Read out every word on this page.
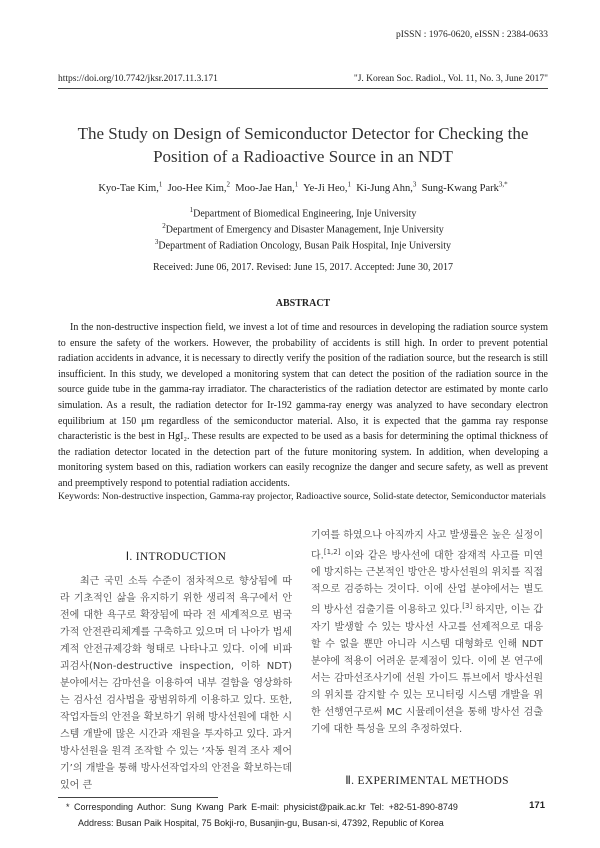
pISSN : 1976-0620, eISSN : 2384-0633
https://doi.org/10.7742/jksr.2017.11.3.171	"J. Korean Soc. Radiol., Vol. 11, No. 3, June 2017"
The Study on Design of Semiconductor Detector for Checking the
Position of a Radioactive Source in an NDT
Kyo-Tae Kim,$^1$ Joo-Hee Kim,$^2$ Moo-Jae Han,$^1$ Ye-Ji Heo,$^1$ Ki-Jung Ahn,$^3$ Sung-Kwang Park$^{3,*}$
$^1$Department of Biomedical Engineering, Inje University
$^2$Department of Emergency and Disaster Management, Inje University
$^3$Department of Radiation Oncology, Busan Paik Hospital, Inje University
Received: June 06, 2017. Revised: June 15, 2017. Accepted: June 30, 2017
ABSTRACT
In the non-destructive inspection field, we invest a lot of time and resources in developing the radiation source system to ensure the safety of the workers. However, the probability of accidents is still high. In order to prevent potential radiation accidents in advance, it is necessary to directly verify the position of the radiation source, but the research is still insufficient. In this study, we developed a monitoring system that can detect the position of the radiation source in the source guide tube in the gamma-ray irradiator. The characteristics of the radiation detector are estimated by monte carlo simulation. As a result, the radiation detector for Ir-192 gamma-ray energy was analyzed to have secondary electron equilibrium at 150 μm regardless of the semiconductor material. Also, it is expected that the gamma ray response characteristic is the best in HgI₂. These results are expected to be used as a basis for determining the optimal thickness of the radiation detector located in the detection part of the future monitoring system. In addition, when developing a monitoring system based on this, radiation workers can easily recognize the danger and secure safety, as well as prevent and preemptively respond to potential radiation accidents.
Keywords: Non-destructive inspection, Gamma-ray projector, Radioactive source, Solid-state detector, Semiconductor materials
Ⅰ. INTRODUCTION
최근 국민 소득 수준이 점차적으로 향상됨에 따라 기초적인 삶을 유지하기 위한 생리적 욕구에서 안전에 대한 욕구로 확장됨에 따라 전 세계적으로 범국가적 안전관리체계를 구축하고 있으며 더 나아가 법세계적 안전규제강화 형태로 나타나고 있다. 이에 비파괴검사(Non-destructive inspection, 이하 NDT) 분야에서는 감마선을 이용하여 내부 결함을 영상화하는 검사선 검사법을 광범위하게 이용하고 있다. 또한, 작업자들의 안전을 확보하기 위해 방사선원에 대한 시스템 개발에 많은 시간과 재원을 투자하고 있다. 과거 방사선원을 원격 조작할 수 있는 ‘자동 원격 조사 제어기’의 개발을 통해 방사선작업자의 안전을 확보하는데 있어 큰
기여를 하였으나 아직까지 사고 발생률은 높은 실정이다.[1,2] 이와 같은 방사선에 대한 잠재적 사고를 미연에 방지하는 근본적인 방안은 방사선원의 위치를 직접적으로 검증하는 것이다. 이에 산업 분야에서는 별도의 방사선 검출기를 이용하고 있다.[3] 하지만, 이는 갑자기 발생할 수 있는 방사선 사고를 선제적으로 대응할 수 없을 뿐만 아니라 시스템 대형화로 인해 NDT 분야에 적용이 어려운 문제점이 있다. 이에 본 연구에서는 감마선조사기에 선원 가이드 튜브에서 방사선원의 위치를 감지할 수 있는 모니터링 시스템 개발을 위한 선행연구로써 MC 시뮬레이션을 통해 방사선 검출기에 대한 특성을 모의 추정하였다.
Ⅱ. EXPERIMENTAL METHODS
* Corresponding Author: Sung Kwang Park E-mail: physicist@paik.ac.kr Tel: +82-51-890-8749
Address: Busan Paik Hospital, 75 Bokji-ro, Busanjin-gu, Busan-si, 47392, Republic of Korea
171
